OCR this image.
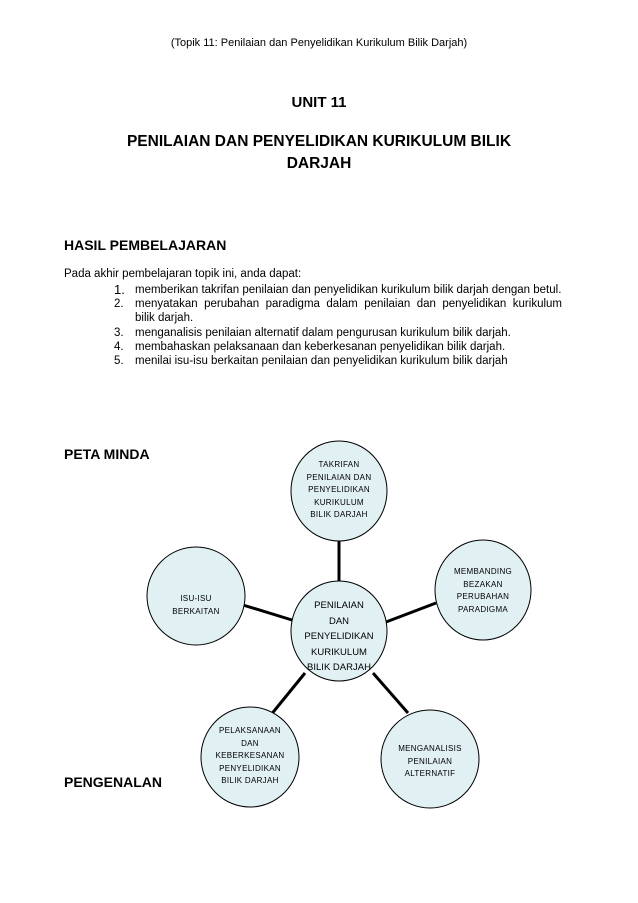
(Topik 11: Penilaian dan Penyelidikan Kurikulum Bilik Darjah)
UNIT 11
PENILAIAN DAN PENYELIDIKAN KURIKULUM BILIK DARJAH
HASIL PEMBELAJARAN
Pada akhir pembelajaran topik ini, anda dapat:
1. memberikan takrifan penilaian dan penyelidikan kurikulum bilik darjah dengan betul.
2. menyatakan perubahan paradigma dalam penilaian dan penyelidikan kurikulum bilik darjah.
3. menganalisis penilaian alternatif dalam pengurusan kurikulum bilik darjah.
4. membahaskan pelaksanaan dan keberkesanan penyelidikan bilik darjah.
5. menilai isu-isu berkaitan penilaian dan penyelidikan kurikulum bilik darjah
PETA MINDA
TAKRIFAN
PENILAIAN DAN
PENYELIDIKAN
KURIKULUM
BILIK DARJAH
MEMBANDING
BEZAKAN
PERUBAHAN
PARADIGMA
MENGANALISIS
PENILAIAN
ALTERNATIF
PELAKSANAAN
DAN
KEBERKESANAN
PENYELIDIKAN
BILIK DARJAH
ISU-ISU
BERKAITAN	PENILAIAN
DAN
PENYELIDIKAN
KURIKULUM
BILIK DARJAH
PENGENALAN
